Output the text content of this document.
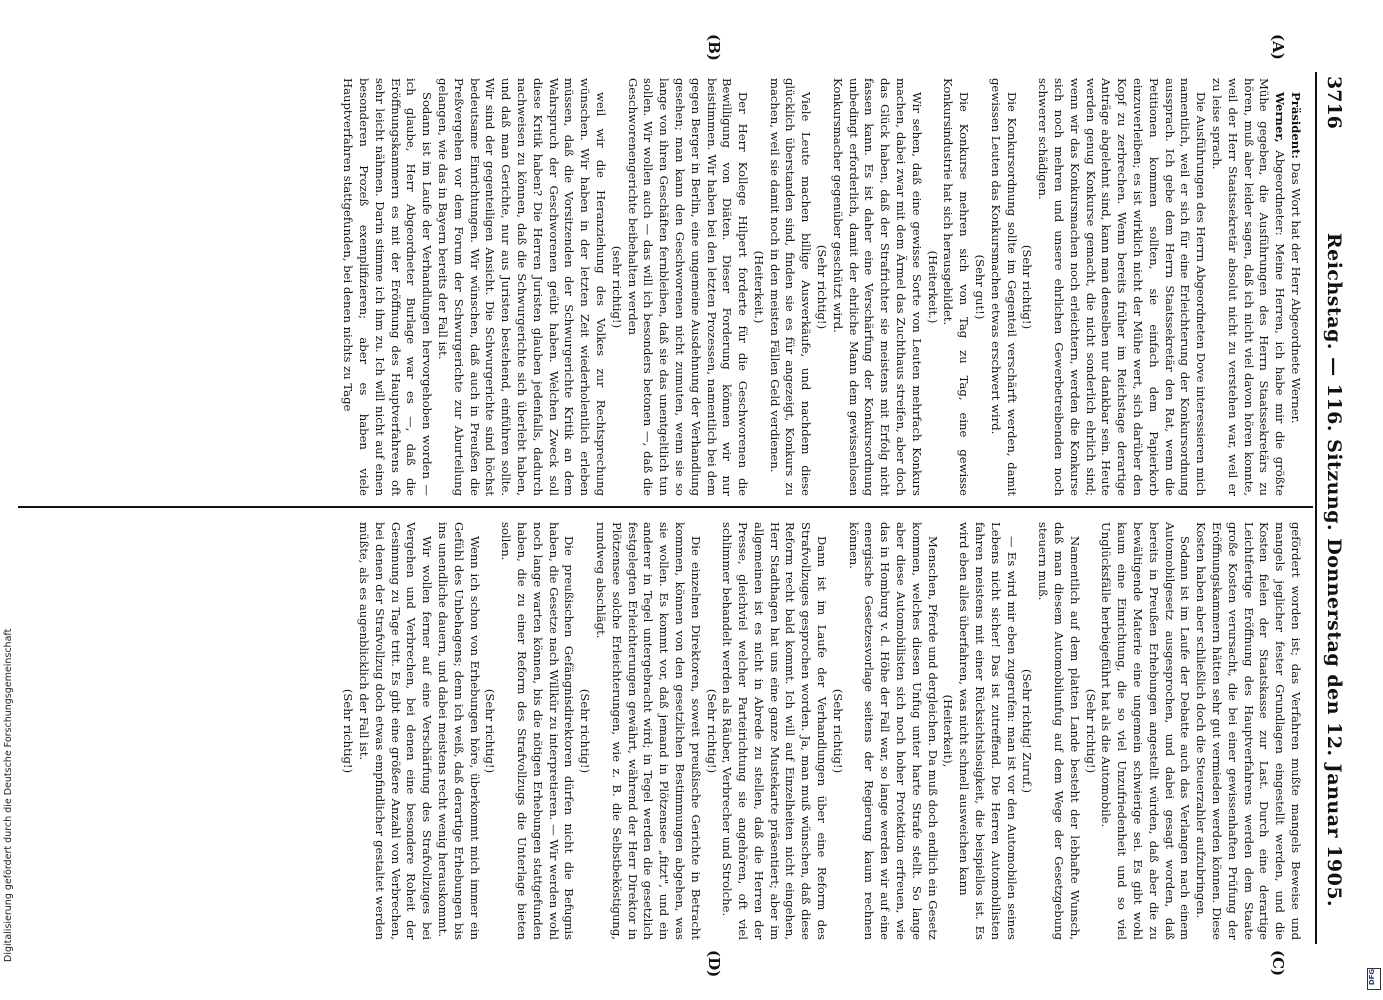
3716
Reichstag. — 116. Sitzung. Donnerstag den 12. Januar 1905.
(A)
(B)
(C)
(D)

Präsident: Das Wort hat der Herr Abgeordnete Werner.

Werner, Abgeordneter: Meine Herren, ich habe mir die größte Mühe gegeben, die Ausführungen des Herrn Staatssekretärs zu hören, muß aber leider sagen, daß ich nicht viel davon hören konnte, weil der Herr Staatssekretär absolut nicht zu verstehen war, weil er zu leise sprach.

Die Ausführungen des Herrn Abgeordneten Dove interessieren mich namentlich, weil er sich für eine Erleichterung der Konkursordnung aussprach. Ich gebe dem Herrn Staatssekretär den Rat, wenn die Petitionen kommen sollten, sie einfach dem Papierkorb einzuverleiben; es ist wirklich nicht der Mühe wert, sich darüber den Kopf zu zerbrechen. Wenn bereits früher im Reichstage derartige Anträge abgelehnt sind, kann man denselben nur dankbar sein. Heute werden genug Konkurse gemacht, die nicht sonderlich ehrlich sind; wenn wir das Konkursmachen noch erleichtern, werden die Konkurse sich noch mehren und unsere ehrlichen Gewerbetreibenden noch schwerer schädigen.

(Sehr richtig!)

Die Konkursordnung sollte im Gegenteil verschärft werden, damit gewissen Leuten das Konkursmachen etwas erschwert wird.

(Sehr gut!)

Die Konkurse mehren sich von Tag zu Tag, eine gewisse Konkursindustrie hat sich herausgebildet.

(Heiterkeit.)

Wir sehen, daß eine gewisse Sorte von Leuten mehrfach Konkurs machen, dabei zwar mit dem Ärmel das Zuchthaus streifen, aber doch das Glück haben, daß der Strafrichter sie meistens mit Erfolg nicht fassen kann. Es ist daher eine Verschärfung der Konkursordnung unbedingt erforderlich, damit der ehrliche Mann dem gewissenlosen Konkursmacher gegenüber geschützt wird.

(Sehr richtig!)

Viele Leute machen billige Ausverkäufe, und nachdem diese glücklich überstanden sind, finden sie es für angezeigt, Konkurs zu machen, weil sie damit noch in den meisten Fällen Geld verdienen.

(Heiterkeit.)

Der Herr Kollege Hilpert forderte für die Geschworenen die Bewilligung von Diäten. Dieser Forderung können wir nur beistimmen. Wir haben bei den letzten Prozessen, namentlich bei dem gegen Berger in Berlin, eine ungemeine Ausdehnung der Verhandlung gesehen; man kann den Geschworenen nicht zumuten, wenn sie so lange von ihren Geschäften fernbleiben, daß sie das unentgeltlich tun sollen. Wir wollen auch — das will ich besonders betonen —, daß die Geschworenengerichte beibehalten werden

(sehr richtig!)

weil wir die Heranziehung des Volkes zur Rechtsprechung wünschen. Wir haben in der letzten Zeit wiederholentlich erleben müssen, daß die Vorsitzenden der Schwurgerichte Kritik an dem Wahrspruch der Geschworenen geübt haben. Welchen Zweck soll diese Kritik haben? Die Herren Juristen glauben jedenfalls, dadurch nachweisen zu können, daß die Schwurgerichte sich überlebt haben, und daß man Gerichte, nur aus Juristen bestehend, einführen sollte. Wir sind der gegenteiligen Ansicht. Die Schwurgerichte sind höchst bedeutsame Einrichtungen. Wir wünschen, daß auch in Preußen die Preßvergehen vor dem Forum der Schwurgerichte zur Aburteilung gelangen, wie das in Bayern bereits der Fall ist.

Sodann ist im Laufe der Verhandlungen hervorgehoben worden — ich glaube, Herr Abgeordneter Burlage war es —, daß die Eröffnungskammern es mit der Eröffnung des Hauptverfahrens oft sehr leicht nähmen. Darin stimme ich ihm zu. Ich will nicht auf einen besonderen Prozeß exemplifizieren; aber es haben viele Hauptverfahren stattgefunden, bei denen nichts zu Tage

gefördert worden ist; das Verfahren mußte mangels Beweise und mangels jeglicher fester Grundlagen eingestellt werden, und die Kosten fielen der Staatskasse zur Last. Durch eine derartige Leichtfertige Eröffnung des Hauptverfahrens werden dem Staate große Kosten verursacht, die bei einer gewissenhaften Prüfung der Eröffnungskammern hätten sehr gut vermieden werden können. Diese Kosten haben aber schließlich doch die Steuerzahler aufzubringen.

Sodann ist im Laufe der Debatte auch das Verlangen nach einem Automobilgesetz ausgesprochen, und dabei gesagt worden, daß bereits in Preußen Erhebungen angestellt würden, daß aber die zu bewältigende Materie eine ungemein schwierige sei. Es gibt wohl kaum eine Einrichtung, die so viel Unzufriedenheit und so viel Unglücksfälle herbeigeführt hat als die Automobile.

(Sehr richtig!)

Namentlich auf dem platten Lande besteht der lebhafte Wunsch, daß man diesem Automobilunfug auf dem Wege der Gesetzgebung steuern muß.

(Sehr richtig! Zuruf.)

— Es wird mir eben zugerufen: man ist vor den Automobilen seines Lebens nicht sicher! Das ist zutreffend. Die Herren Automobilisten fahren meistens mit einer Rücksichtslosigkeit, die beispiellos ist. Es wird eben alles überfahren, was nicht schnell ausweichen kann

(Heiterkeit),

Menschen, Pferde und dergleichen. Da muß doch endlich ein Gesetz kommen, welches diesen Unfug unter harte Strafe stellt. So lange aber diese Automobilisten sich noch hoher Protektion erfreuen, wie das in Homburg v. d. Höhe der Fall war, so lange werden wir auf eine energische Gesetzesvorlage seitens der Regierung kaum rechnen können.

(Sehr richtig!)

Dann ist im Laufe der Verhandlungen über eine Reform des Strafvollzuges gesprochen worden. Ja, man muß wünschen, daß diese Reform recht bald kommt. Ich will auf Einzelheiten nicht eingehen, Herr Stadthagen hat uns eine ganze Mustekarte präsentiert; aber im allgemeinen ist es nicht in Abrede zu stellen, daß die Herren der Presse, gleichviel welcher Parteirichtung sie angehören, oft viel schlimmer behandelt werden als Räuber, Verbrecher und Strolche.

(Sehr richtig!)

Die einzelnen Direktoren, soweit preußische Gerichte in Betracht kommen, können von den gesetzlichen Bestimmungen abgehen, was sie wollen. Es kommt vor, daß jemand in Plötzensee „fitzt", und ein anderer in Tegel untergebracht wird; in Tegel werden die gesetzlich festgelegten Erleichterungen gewährt, während der Herr Direktor in Plötzensee solche Erleichterungen, wie z. B. die Selbstbeköstigung, rundweg abschlägt.

(Sehr richtig!)

Die preußischen Gefängnisdirektoren dürfen nicht die Befugnis haben, die Gesetze nach Willkür zu interpretieren. — Wir werden wohl noch lange warten können, bis die nötigen Erhebungen stattgefunden haben, die zu einer Reform des Strafvollzugs die Unterlage bieten sollen.

(Sehr richtig!)

Wenn ich schon von Erhebungen höre, überkommt mich immer ein Gefühl des Unbehagens; denn ich weiß, daß derartige Erhebungen bis ins unendliche dauern, und dabei meistens recht wenig herauskommt.

Wir wollen ferner auf eine Verschärfung des Strafvollzuges bei Vergehen und Verbrechen, bei denen eine besondere Roheit der Gesinnung zu Tage tritt. Es gibt eine größere Anzahl von Verbrechen, bei denen der Strafvollzug doch etwas empfindlicher gestaltet werden müßte, als es augenblicklich der Fall ist.

(Sehr richtig!)

Digitalisierung gefördert durch die Deutsche Forschungsgemeinschaft
DFG
